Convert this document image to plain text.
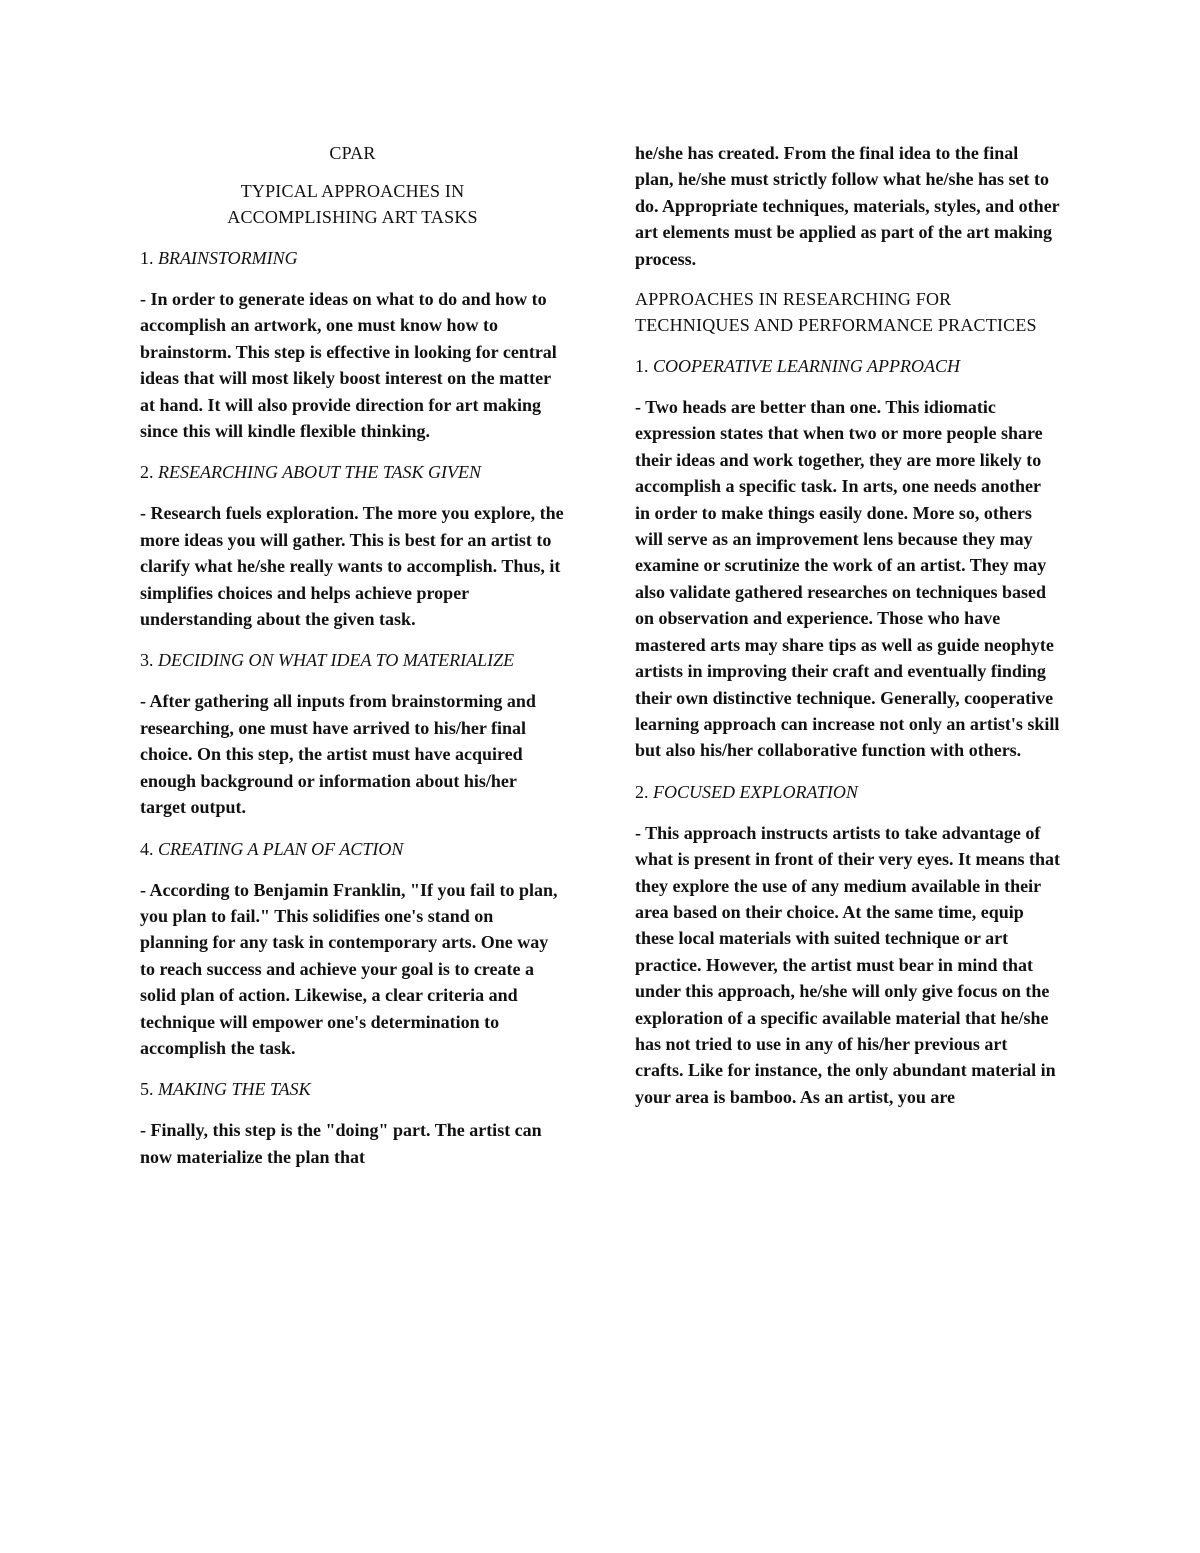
CPAR
TYPICAL APPROACHES IN
ACCOMPLISHING ART TASKS
1. BRAINSTORMING

- In order to generate ideas on what to do and how to accomplish an artwork, one must know how to brainstorm. This step is effective in looking for central ideas that will most likely boost interest on the matter at hand. It will also provide direction for art making since this will kindle flexible thinking.

2. RESEARCHING ABOUT THE TASK GIVEN

- Research fuels exploration. The more you explore, the more ideas you will gather. This is best for an artist to clarify what he/she really wants to accomplish. Thus, it simplifies choices and helps achieve proper understanding about the given task.

3. DECIDING ON WHAT IDEA TO MATERIALIZE

- After gathering all inputs from brainstorming and researching, one must have arrived to his/her final choice. On this step, the artist must have acquired enough background or information about his/her target output.

4. CREATING A PLAN OF ACTION

- According to Benjamin Franklin, "If you fail to plan, you plan to fail." This solidifies one's stand on planning for any task in contemporary arts. One way to reach success and achieve your goal is to create a solid plan of action. Likewise, a clear criteria and technique will empower one's determination to accomplish the task.

5. MAKING THE TASK

- Finally, this step is the "doing" part. The artist can now materialize the plan that

he/she has created. From the final idea to the final plan, he/she must strictly follow what he/she has set to do. Appropriate techniques, materials, styles, and other art elements must be applied as part of the art making process.

APPROACHES IN RESEARCHING FOR TECHNIQUES AND PERFORMANCE PRACTICES
1. COOPERATIVE LEARNING APPROACH

- Two heads are better than one. This idiomatic expression states that when two or more people share their ideas and work together, they are more likely to accomplish a specific task. In arts, one needs another in order to make things easily done. More so, others will serve as an improvement lens because they may examine or scrutinize the work of an artist. They may also validate gathered researches on techniques based on observation and experience. Those who have mastered arts may share tips as well as guide neophyte artists in improving their craft and eventually finding their own distinctive technique. Generally, cooperative learning approach can increase not only an artist's skill but also his/her collaborative function with others.

2. FOCUSED EXPLORATION

- This approach instructs artists to take advantage of what is present in front of their very eyes. It means that they explore the use of any medium available in their area based on their choice. At the same time, equip these local materials with suited technique or art practice. However, the artist must bear in mind that under this approach, he/she will only give focus on the exploration of a specific available material that he/she has not tried to use in any of his/her previous art crafts. Like for instance, the only abundant material in your area is bamboo. As an artist, you are
